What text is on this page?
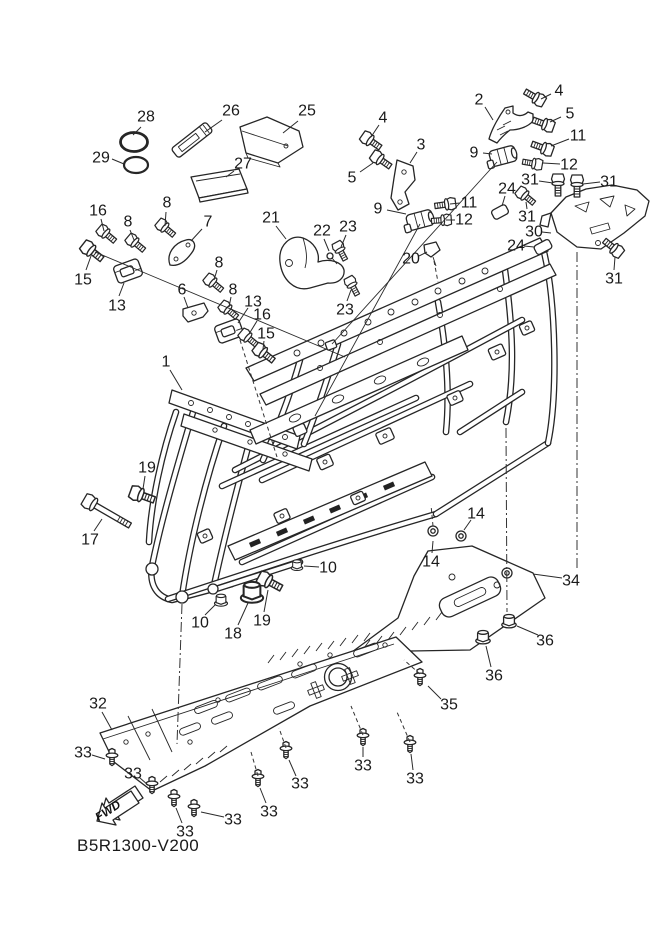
28
29
26	25
27
16
8
8
7
15
13
6
8
8
13
16
15
21
22 23
23
20
2
4
5
11
9
12
4
3
5
11
9
12
31	31
24
31
30
24
31
1
19
17
10
18
19
10
14
14
34
36
36
35
32
33
33
33
33 33
33
33
33
FWD
B5R1300-V200
